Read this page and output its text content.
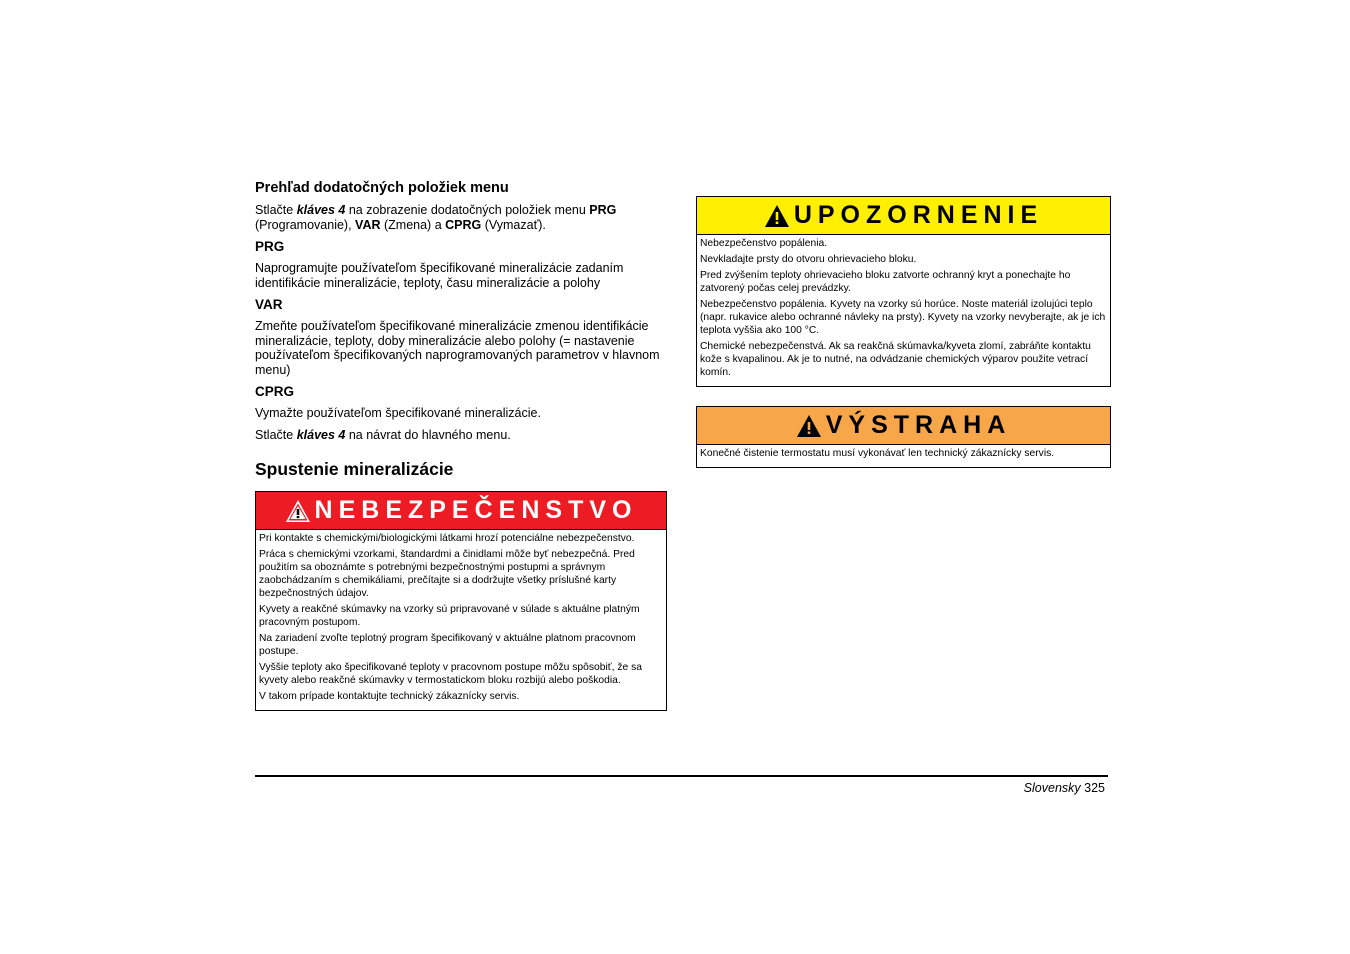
Prehľad dodatočných položiek menu

Stlačte kláves 4 na zobrazenie dodatočných položiek menu PRG (Programovanie), VAR (Zmena) a CPRG (Vymazať).

PRG

Naprogramujte používateľom špecifikované mineralizácie zadaním identifikácie mineralizácie, teploty, času mineralizácie a polohy

VAR

Zmeňte používateľom špecifikované mineralizácie zmenou identifikácie mineralizácie, teploty, doby mineralizácie alebo polohy (= nastavenie používateľom špecifikovaných naprogramovaných parametrov v hlavnom menu)

CPRG

Vymažte používateľom špecifikované mineralizácie.

Stlačte kláves 4 na návrat do hlavného menu.

Spustenie mineralizácie
NEBEZPEČENSTVO

Pri kontakte s chemickými/biologickými látkami hrozí potenciálne nebezpečenstvo.

Práca s chemickými vzorkami, štandardmi a činidlami môže byť nebezpečná. Pred použitím sa oboznámte s potrebnými bezpečnostnými postupmi a správnym zaobchádzaním s chemikáliami, prečítajte si a dodržujte všetky príslušné karty bezpečnostných údajov.

Kyvety a reakčné skúmavky na vzorky sú pripravované v súlade s aktuálne platným pracovným postupom.

Na zariadení zvoľte teplotný program špecifikovaný v aktuálne platnom pracovnom postupe.

Vyššie teploty ako špecifikované teploty v pracovnom postupe môžu spôsobiť, že sa kyvety alebo reakčné skúmavky v termostatickom bloku rozbijú alebo poškodia.

V takom prípade kontaktujte technický zákaznícky servis.

UPOZORNENIE

Nebezpečenstvo popálenia.

Nevkladajte prsty do otvoru ohrievacieho bloku.

Pred zvýšením teploty ohrievacieho bloku zatvorte ochranný kryt a ponechajte ho zatvorený počas celej prevádzky.

Nebezpečenstvo popálenia. Kyvety na vzorky sú horúce. Noste materiál izolujúci teplo (napr. rukavice alebo ochranné návleky na prsty). Kyvety na vzorky nevyberajte, ak je ich teplota vyššia ako 100 °C.

Chemické nebezpečenstvá. Ak sa reakčná skúmavka/kyveta zlomí, zabráňte kontaktu kože s kvapalinou. Ak je to nutné, na odvádzanie chemických výparov použite vetrací komín.

VÝSTRAHA

Konečné čistenie termostatu musí vykonávať len technický zákaznícky servis.

Slovensky 325
